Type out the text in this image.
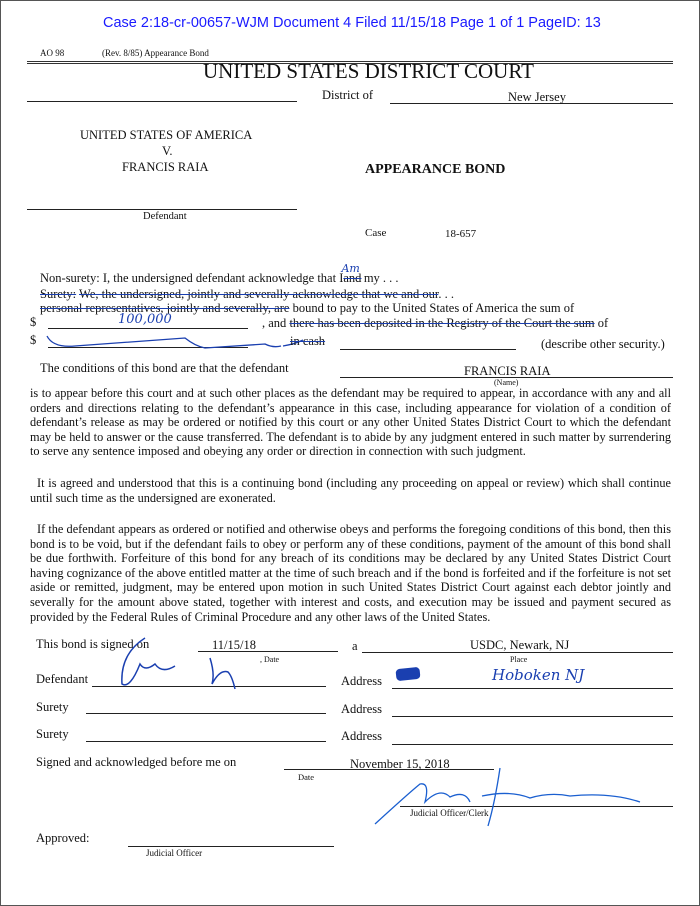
Case 2:18-cr-00657-WJM Document 4 Filed 11/15/18 Page 1 of 1 PageID: 13
AO 98	(Rev. 8/85) Appearance Bond
UNITED STATES DISTRICT COURT
District of	New Jersey
UNITED STATES OF AMERICA
V.
FRANCIS RAIA	APPEARANCE BOND
Defendant
Case	18-657
Non-surety: I, the undersigned defendant acknowledge that IandAmmy . . .
Surety: We, the undersigned, jointly and severally acknowledge that we and our. . .
personal representatives, jointly and severally, are bound to pay to the United States of America the sum of
$	100,000	, and there has been deposited in the Registry of the Court the sum of
$	in cash	(describe other security.)
The conditions of this bond are that the defendant	FRANCIS RAIA
(Name)
is to appear before this court and at such other places as the defendant may be required to appear, in accordance with any and all orders and directions relating to the defendant’s appearance in this case, including appearance for violation of a condition of defendant’s release as may be ordered or notified by this court or any other United States District Court to which the defendant may be held to answer or the cause transferred. The defendant is to abide by any judgment entered in such matter by surrendering to serve any sentence imposed and obeying any order or direction in connection with such judgment.

It is agreed and understood that this is a continuing bond (including any proceeding on appeal or review) which shall continue until such time as the undersigned are exonerated.

If the defendant appears as ordered or notified and otherwise obeys and performs the foregoing conditions of this bond, then this bond is to be void, but if the defendant fails to obey or perform any of these conditions, payment of the amount of this bond shall be due forthwith. Forfeiture of this bond for any breach of its conditions may be declared by any United States District Court having cognizance of the above entitled matter at the time of such breach and if the bond is forfeited and if the forfeiture is not set aside or remitted, judgment, may be entered upon motion in such United States District Court against each debtor jointly and severally for the amount above stated, together with interest and costs, and execution may be issued and payment secured as provided by the Federal Rules of Criminal Procedure and any other laws of the United States.

This bond is signed on	11/15/18
, Date
a	USDC, Newark, NJ
Place
Defendant	Address	Hoboken NJ
Surety	Address
Surety	Address
Signed and acknowledged before me on	November 15, 2018
Date
Judicial Officer/Clerk
Approved:
Judicial Officer
